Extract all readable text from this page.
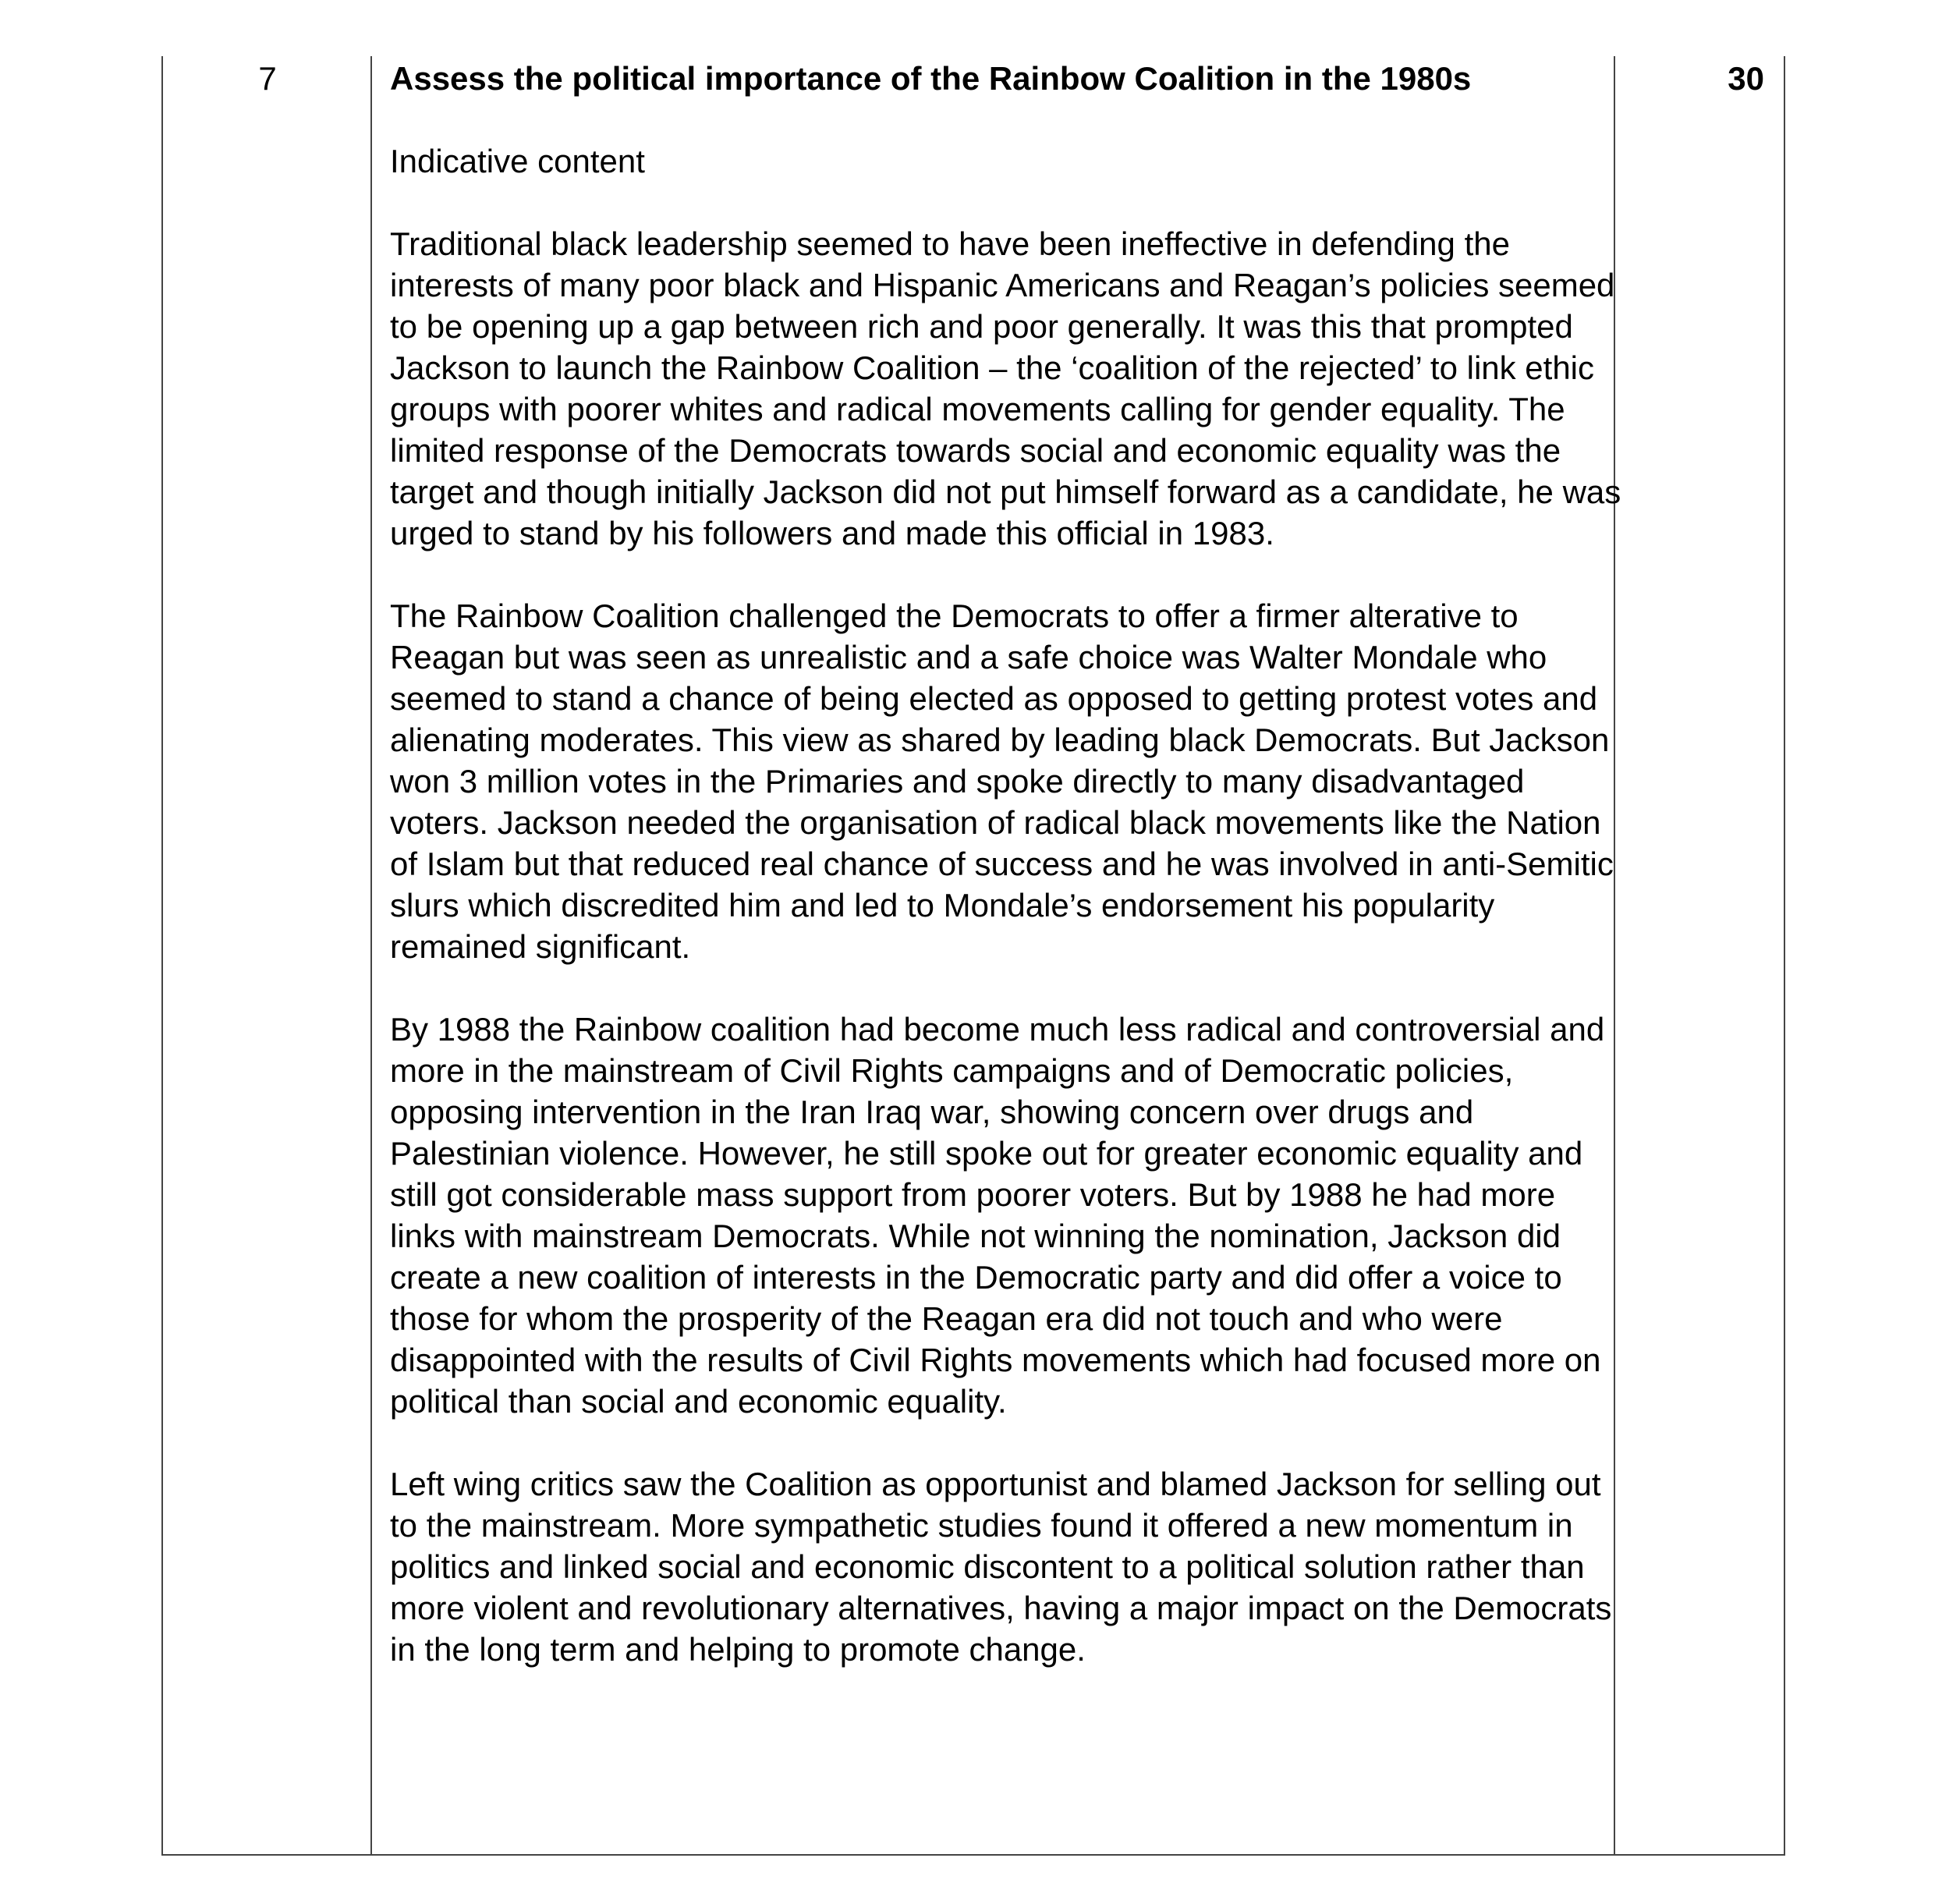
7	Assess the political importance of the Rainbow Coalition in the 1980s
Indicative content
Traditional black leadership seemed to have been ineffective in defending the interests of many poor black and Hispanic Americans and Reagan’s policies seemed to be opening up a gap between rich and poor generally. It was this that prompted Jackson to launch the Rainbow Coalition – the ‘coalition of the rejected’ to link ethic groups with poorer whites and radical movements calling for gender equality. The limited response of the Democrats towards social and economic equality was the target and though initially Jackson did not put himself forward as a candidate, he was urged to stand by his followers and made this official in 1983.
The Rainbow Coalition challenged the Democrats to offer a firmer alterative to Reagan but was seen as unrealistic and a safe choice was Walter Mondale who seemed to stand a chance of being elected as opposed to getting protest votes and alienating moderates. This view as shared by leading black Democrats. But Jackson won 3 million votes in the Primaries and spoke directly to many disadvantaged voters. Jackson needed the organisation of radical black movements like the Nation of Islam but that reduced real chance of success and he was involved in anti-Semitic slurs which discredited him and led to Mondale’s endorsement his popularity remained significant.
By 1988 the Rainbow coalition had become much less radical and controversial and more in the mainstream of Civil Rights campaigns and of Democratic policies, opposing intervention in the Iran Iraq war, showing concern over drugs and Palestinian violence. However, he still spoke out for greater economic equality and still got considerable mass support from poorer voters. But by 1988 he had more links with mainstream Democrats. While not winning the nomination, Jackson did create a new coalition of interests in the Democratic party and did offer a voice to those for whom the prosperity of the Reagan era did not touch and who were disappointed with the results of Civil Rights movements which had focused more on political than social and economic equality.
Left wing critics saw the Coalition as opportunist and blamed Jackson for selling out to the mainstream. More sympathetic studies found it offered a new momentum in politics and linked social and economic discontent to a political solution rather than more violent and revolutionary alternatives, having a major impact on the Democrats in the long term and helping to promote change.
30
